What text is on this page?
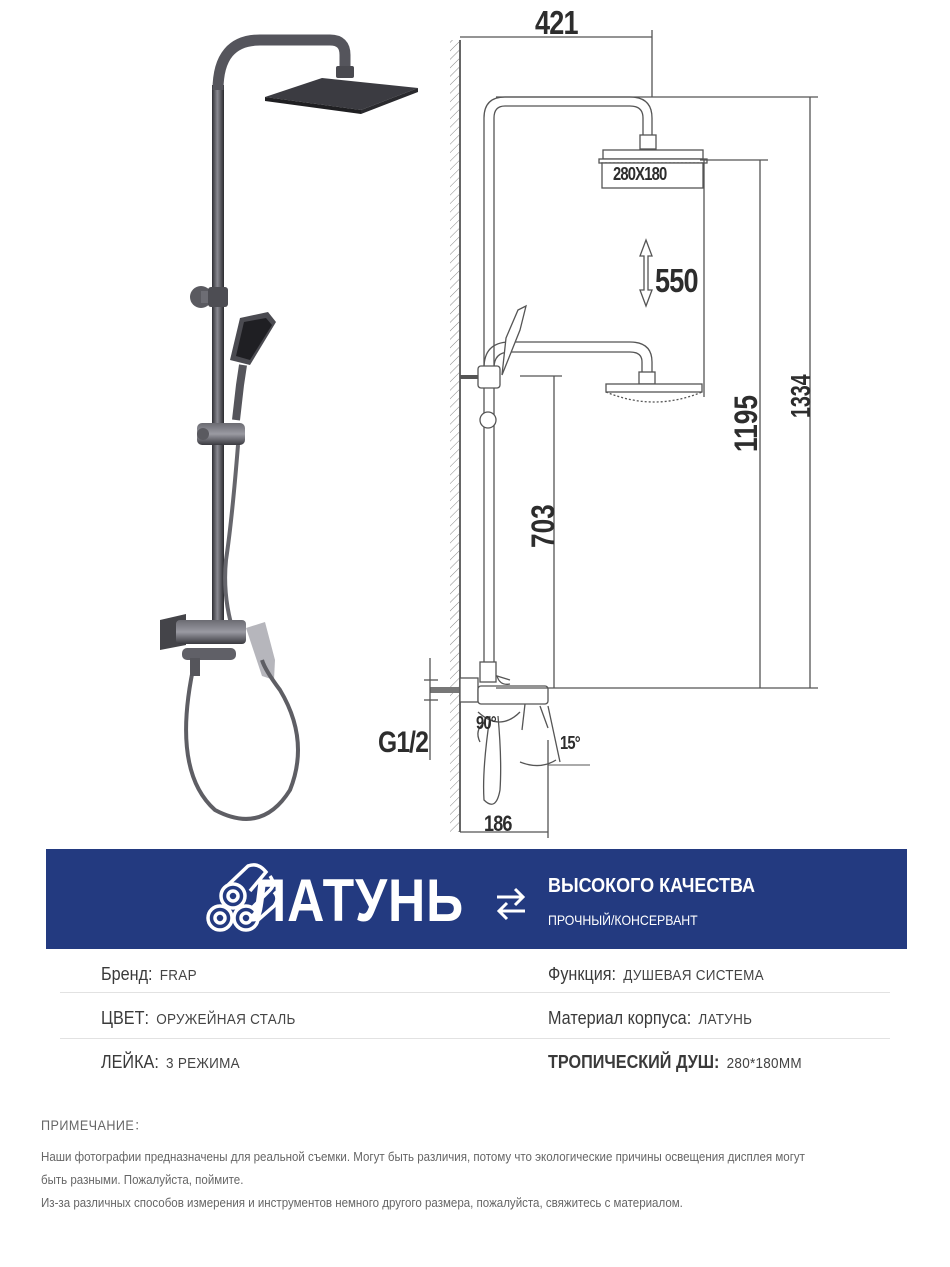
421
280X180
550
1195 1334
703
G1/2
90°
15°
186
ЛАТУНЬ	ВЫСОКОГО КАЧЕСТВА
ПРОЧНЫЙ/КОНСЕРВАНТ
Бренд: FRAP	Функция: ДУШЕВАЯ СИСТЕМА
ЦВЕТ: ОРУЖЕЙНАЯ СТАЛЬ	Материал корпуса: ЛАТУНЬ
ЛЕЙКА: 3 РЕЖИМА	ТРОПИЧЕСКИЙ ДУШ: 280*180ММ
ПРИМЕЧАНИЕ：
Наши фотографии предназначены для реальной съемки. Могут быть различия, потому что экологические причины освещения дисплея могут
быть разными. Пожалуйста, поймите.
Из-за различных способов измерения и инструментов немного другого размера, пожалуйста, свяжитесь с материалом.
